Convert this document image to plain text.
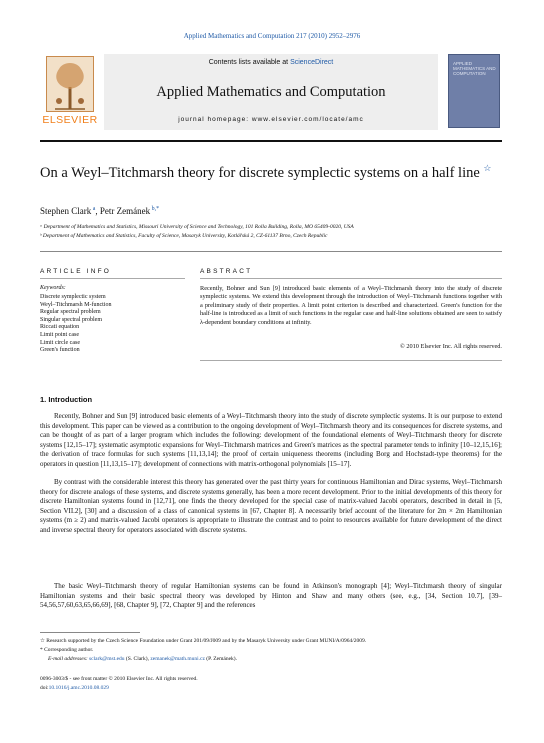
Applied Mathematics and Computation 217 (2010) 2952–2976
ELSEVIER
Contents lists available at ScienceDirect
Applied Mathematics and Computation
journal homepage: www.elsevier.com/locate/amc
APPLIED MATHEMATICS AND COMPUTATION
On a Weyl–Titchmarsh theory for discrete symplectic systems on a half line ☆
Stephen Clark $^a$, Petr Zemánek $^{b,*}$
ᵃ Department of Mathematics and Statistics, Missouri University of Science and Technology, 101 Rolla Building, Rolla, MO 65409-0020, USA
ᵇ Department of Mathematics and Statistics, Faculty of Science, Masaryk University, Kotlářská 2, CZ-61137 Brno, Czech Republic
ARTICLE INFO	ABSTRACT
Keywords:
Discrete symplectic system
Weyl–Titchmarsh M-function
Regular spectral problem
Singular spectral problem
Riccati equation
Limit point case
Limit circle case
Green's function
Recently, Bohner and Sun [9] introduced basic elements of a Weyl–Titchmarsh theory into the study of discrete symplectic systems. We extend this development through the introduction of Weyl–Titchmarsh functions together with a preliminary study of their properties. A limit point criterion is described and characterized. Green's function for the half-line is introduced as a limit of such functions in the regular case and half-line solutions obtained are seen to satisfy λ-dependent boundary conditions at infinity.
© 2010 Elsevier Inc. All rights reserved.
1. Introduction
Recently, Bohner and Sun [9] introduced basic elements of a Weyl–Titchmarsh theory into the study of discrete symplectic systems. It is our purpose to extend this development. This paper can be viewed as a contribution to the ongoing development of Weyl–Titchmarsh theory and its consequences for discrete systems, and can be thought of as part of a larger program which includes the following: development of the foundational elements of Weyl–Titchmarsh theory for discrete systems [12,15–17]; systematic asymptotic expansions for Weyl–Titchmarsh matrices and Green's matrices as the spectral parameter tends to infinity [10–12,15,16]; the derivation of trace formulas for such systems [11,13,14]; the proof of certain uniqueness theorems (including Borg and Hochstadt-type theorems) for the operators in question [11,13,15–17]; development of connections with matrix-orthogonal polynomials [15–17].
By contrast with the considerable interest this theory has generated over the past thirty years for continuous Hamiltonian and Dirac systems, Weyl–Titchmarsh theory for discrete analogs of these systems, and discrete systems generally, has been a more recent development. Prior to the initial developments of this theory for discrete Hamiltonian systems found in [12,71], one finds the theory developed for the special case of matrix-valued Jacobi operators, described in detail in [5, Section VII.2], [30] and a discussion of a class of canonical systems in [67, Chapter 8]. A necessarily brief account of the literature for 2m × 2m Hamiltonian systems (m ≥ 2) and matrix-valued Jacobi operators is appropriate to illustrate the contrast and to point to resources available for future development of the direct and inverse spectral theory for operators associated with discrete systems.
The basic Weyl–Titchmarsh theory of regular Hamiltonian systems can be found in Atkinson's monograph [4]; Weyl–Titchmarsh theory of singular Hamiltonian systems and their basic spectral theory was developed by Hinton and Shaw and many others (see, e.g., [34, Section 10.7], [39–54,56,57,60,63,65,66,69], [68, Chapter 9], [72, Chapter 9] and the references
☆ Research supported by the Czech Science Foundation under Grant 201/09/J009 and by the Masaryk University under Grant MUNI/A/0964/2009.
* Corresponding author.
E-mail addresses: sclark@mst.edu (S. Clark), zemanek@math.muni.cz (P. Zemánek).
0096-3003/$ - see front matter © 2010 Elsevier Inc. All rights reserved.
doi:10.1016/j.amc.2010.08.029
